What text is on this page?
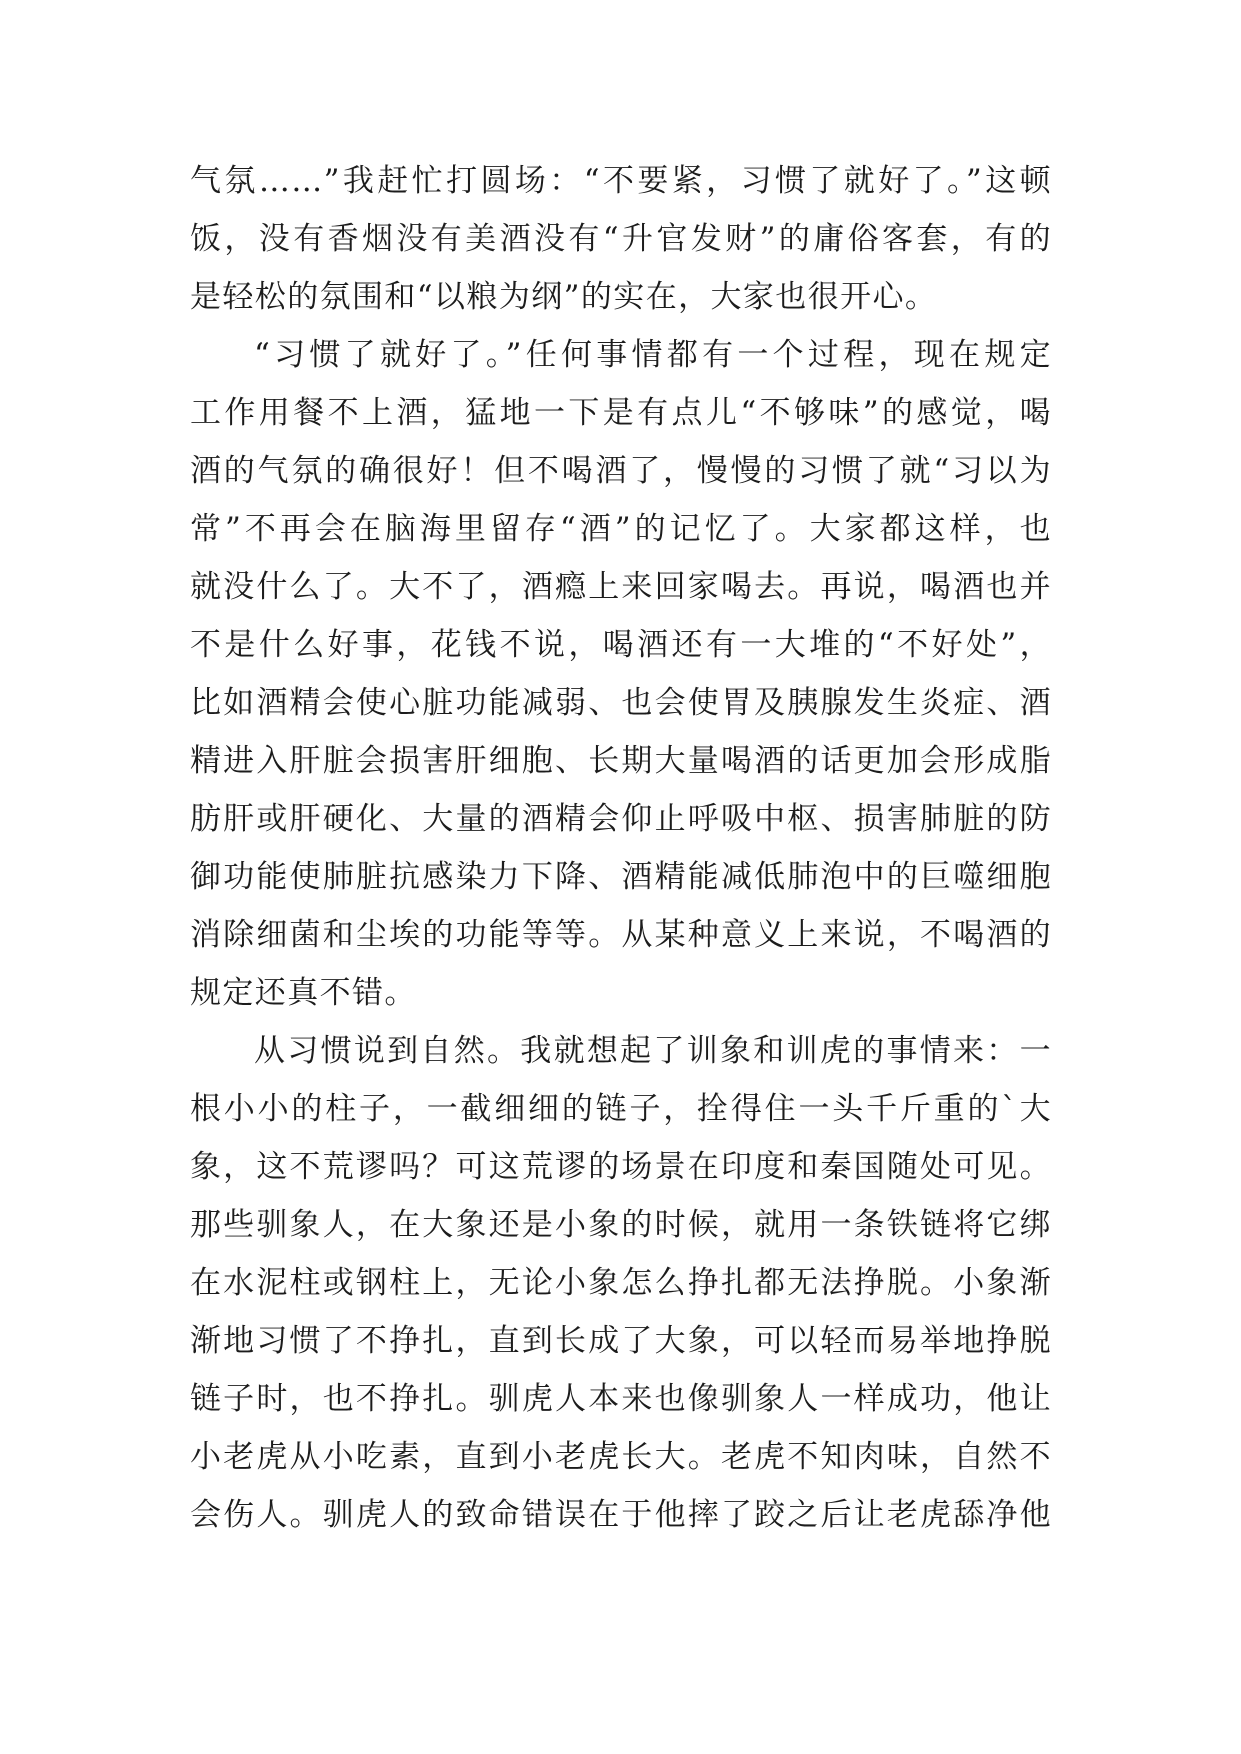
气氛……”我赶忙打圆场：“不要紧，习惯了就好了。”这顿
饭，没有香烟没有美酒没有“升官发财”的庸俗客套，有的
是轻松的氛围和“以粮为纲”的实在，大家也很开心。
“习惯了就好了。”任何事情都有一个过程，现在规定
工作用餐不上酒，猛地一下是有点儿“不够味”的感觉，喝
酒的气氛的确很好！但不喝酒了，慢慢的习惯了就“习以为
常”不再会在脑海里留存“酒”的记忆了。大家都这样，也
就没什么了。大不了，酒瘾上来回家喝去。再说，喝酒也并
不是什么好事，花钱不说，喝酒还有一大堆的“不好处”，
比如酒精会使心脏功能减弱、也会使胃及胰腺发生炎症、酒
精进入肝脏会损害肝细胞、长期大量喝酒的话更加会形成脂
肪肝或肝硬化、大量的酒精会仰止呼吸中枢、损害肺脏的防
御功能使肺脏抗感染力下降、酒精能减低肺泡中的巨噬细胞
消除细菌和尘埃的功能等等。从某种意义上来说，不喝酒的
规定还真不错。
从习惯说到自然。我就想起了训象和训虎的事情来：一
根小小的柱子，一截细细的链子，拴得住一头千斤重的`大
象，这不荒谬吗？可这荒谬的场景在印度和秦国随处可见。
那些驯象人，在大象还是小象的时候，就用一条铁链将它绑
在水泥柱或钢柱上，无论小象怎么挣扎都无法挣脱。小象渐
渐地习惯了不挣扎，直到长成了大象，可以轻而易举地挣脱
链子时，也不挣扎。驯虎人本来也像驯象人一样成功，他让
小老虎从小吃素，直到小老虎长大。老虎不知肉味，自然不
会伤人。驯虎人的致命错误在于他摔了跤之后让老虎舔净他
